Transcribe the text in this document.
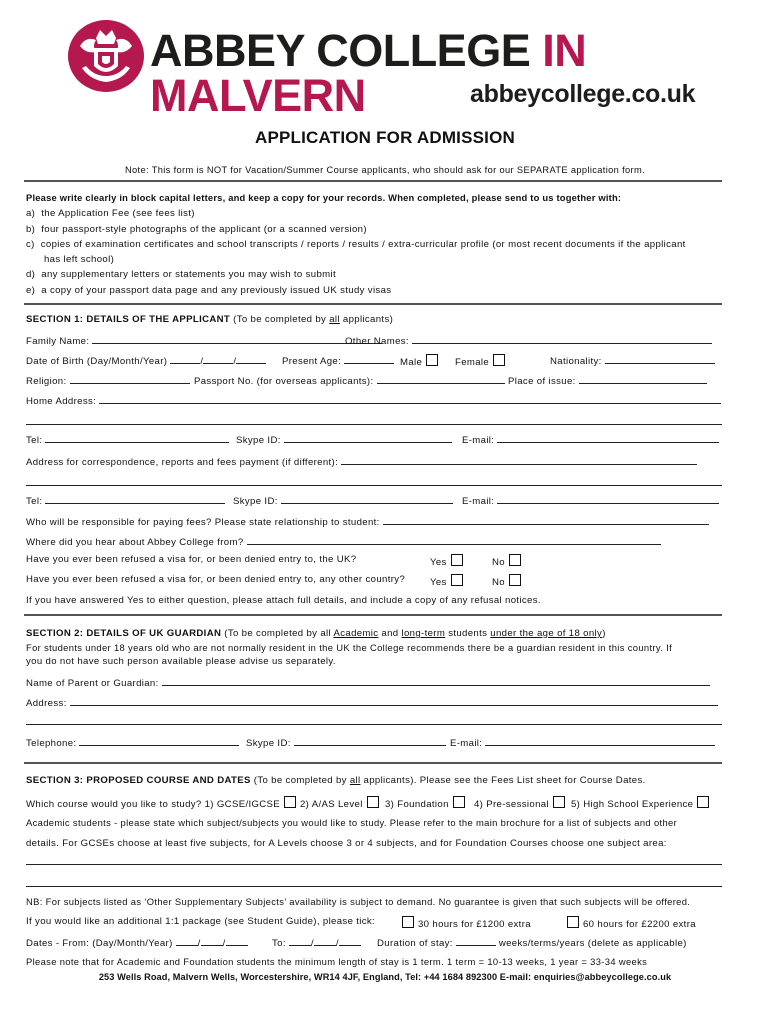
ABBEY COLLEGE IN MALVERN	abbeycollege.co.uk
APPLICATION FOR ADMISSION
Note: This form is NOT for Vacation/Summer Course applicants, who should ask for our SEPARATE application form.
Please write clearly in block capital letters, and keep a copy for your records. When completed, please send to us together with:
a) the Application Fee (see fees list)
b) four passport-style photographs of the applicant (or a scanned version)
c) copies of examination certificates and school transcripts / reports / results / extra-curricular profile (or most recent documents if the applicant
has left school)
d) any supplementary letters or statements you may wish to submit
e) a copy of your passport data page and any previously issued UK study visas
SECTION 1: DETAILS OF THE APPLICANT (To be completed by all applicants)
Family Name:	Other Names:
Date of Birth (Day/Month/Year)	/	/	Present Age:	Male	Female	Nationality:
Religion:	Passport No. (for overseas applicants):	Place of issue:
Home Address:
Tel:	Skype ID:	E-mail:
Address for correspondence, reports and fees payment (if different):
Tel:	Skype ID:	E-mail:
Who will be responsible for paying fees? Please state relationship to student:
Where did you hear about Abbey College from?
Have you ever been refused a visa for, or been denied entry to, the UK?	Yes	No
Have you ever been refused a visa for, or been denied entry to, any other country?	Yes	No
If you have answered Yes to either question, please attach full details, and include a copy of any refusal notices.
SECTION 2: DETAILS OF UK GUARDIAN (To be completed by all Academic and long-term students under the age of 18 only)
For students under 18 years old who are not normally resident in the UK the College recommends there be a guardian resident in this country. If
you do not have such person available please advise us separately.
Name of Parent or Guardian:
Address:
Telephone:	Skype ID:	E-mail:
SECTION 3: PROPOSED COURSE AND DATES (To be completed by all applicants). Please see the Fees List sheet for Course Dates.
Which course would you like to study? 1) GCSE/IGCSE	2) A/AS Level	3) Foundation	4) Pre-sessional	5) High School Experience
Academic students - please state which subject/subjects you would like to study. Please refer to the main brochure for a list of subjects and other
details. For GCSEs choose at least five subjects, for A Levels choose 3 or 4 subjects, and for Foundation Courses choose one subject area:
NB: For subjects listed as ‘Other Supplementary Subjects’ availability is subject to demand. No guarantee is given that such subjects will be offered.
If you would like an additional 1:1 package (see Student Guide), please tick:	30 hours for £1200 extra	60 hours for £2200 extra
Dates - From: (Day/Month/Year)	/ /	To:	/ /	Duration of stay:	weeks/terms/years (delete as applicable)
Please note that for Academic and Foundation students the minimum length of stay is 1 term. 1 term = 10-13 weeks, 1 year = 33-34 weeks
253 Wells Road, Malvern Wells, Worcestershire, WR14 4JF, England, Tel: +44 1684 892300 E-mail: enquiries@abbeycollege.co.uk
